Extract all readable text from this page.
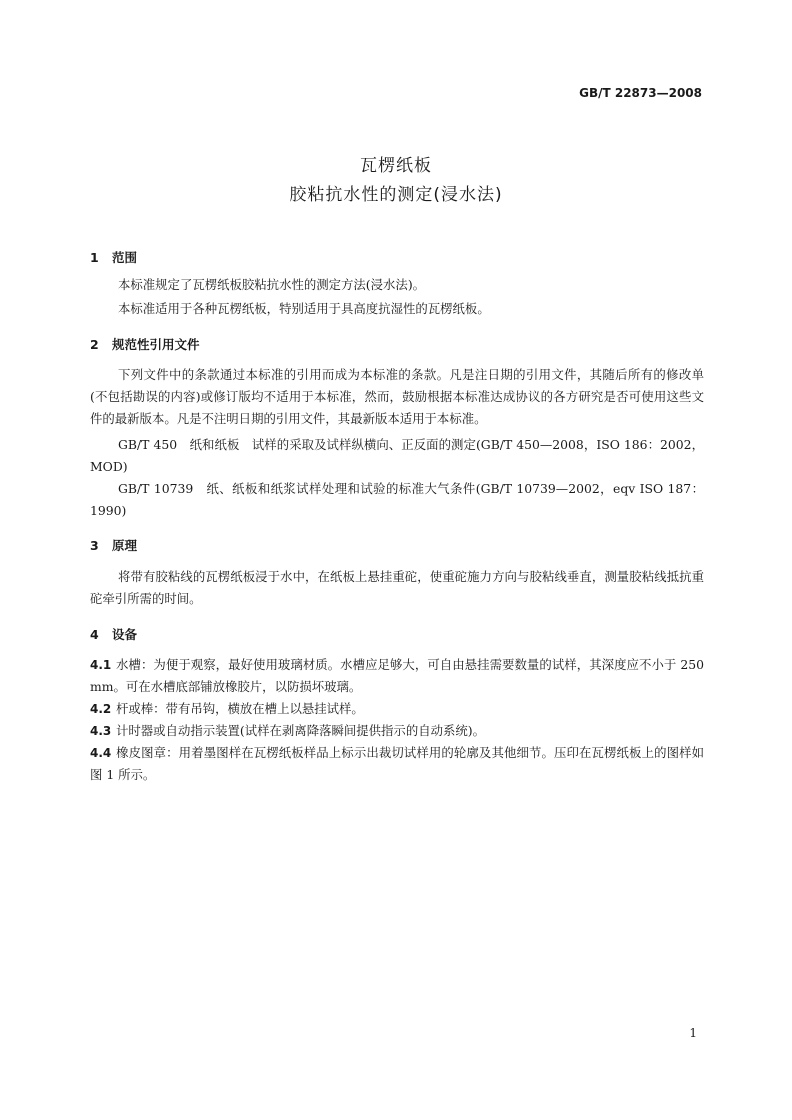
GB/T 22873—2008
瓦楞纸板
胶粘抗水性的测定(浸水法)
1 范围
本标准规定了瓦楞纸板胶粘抗水性的测定方法(浸水法)。
本标准适用于各种瓦楞纸板，特别适用于具高度抗湿性的瓦楞纸板。
2 规范性引用文件
下列文件中的条款通过本标准的引用而成为本标准的条款。凡是注日期的引用文件，其随后所有的修改单(不包括勘误的内容)或修订版均不适用于本标准，然而，鼓励根据本标准达成协议的各方研究是否可使用这些文件的最新版本。凡是不注明日期的引用文件，其最新版本适用于本标准。
GB/T 450　纸和纸板　试样的采取及试样纵横向、正反面的测定(GB/T 450—2008，ISO 186：2002，MOD)
GB/T 10739　纸、纸板和纸浆试样处理和试验的标准大气条件(GB/T 10739—2002，eqv ISO 187：1990)
3 原理
将带有胶粘线的瓦楞纸板浸于水中，在纸板上悬挂重砣，使重砣施力方向与胶粘线垂直，测量胶粘线抵抗重砣牵引所需的时间。
4 设备
4.1 水槽：为便于观察，最好使用玻璃材质。水槽应足够大，可自由悬挂需要数量的试样，其深度应不小于 250 mm。可在水槽底部铺放橡胶片，以防损坏玻璃。
4.2 杆或棒：带有吊钩，横放在槽上以悬挂试样。
4.3 计时器或自动指示装置(试样在剥离降落瞬间提供指示的自动系统)。
4.4 橡皮图章：用着墨图样在瓦楞纸板样品上标示出裁切试样用的轮廓及其他细节。压印在瓦楞纸板上的图样如图 1 所示。
1
